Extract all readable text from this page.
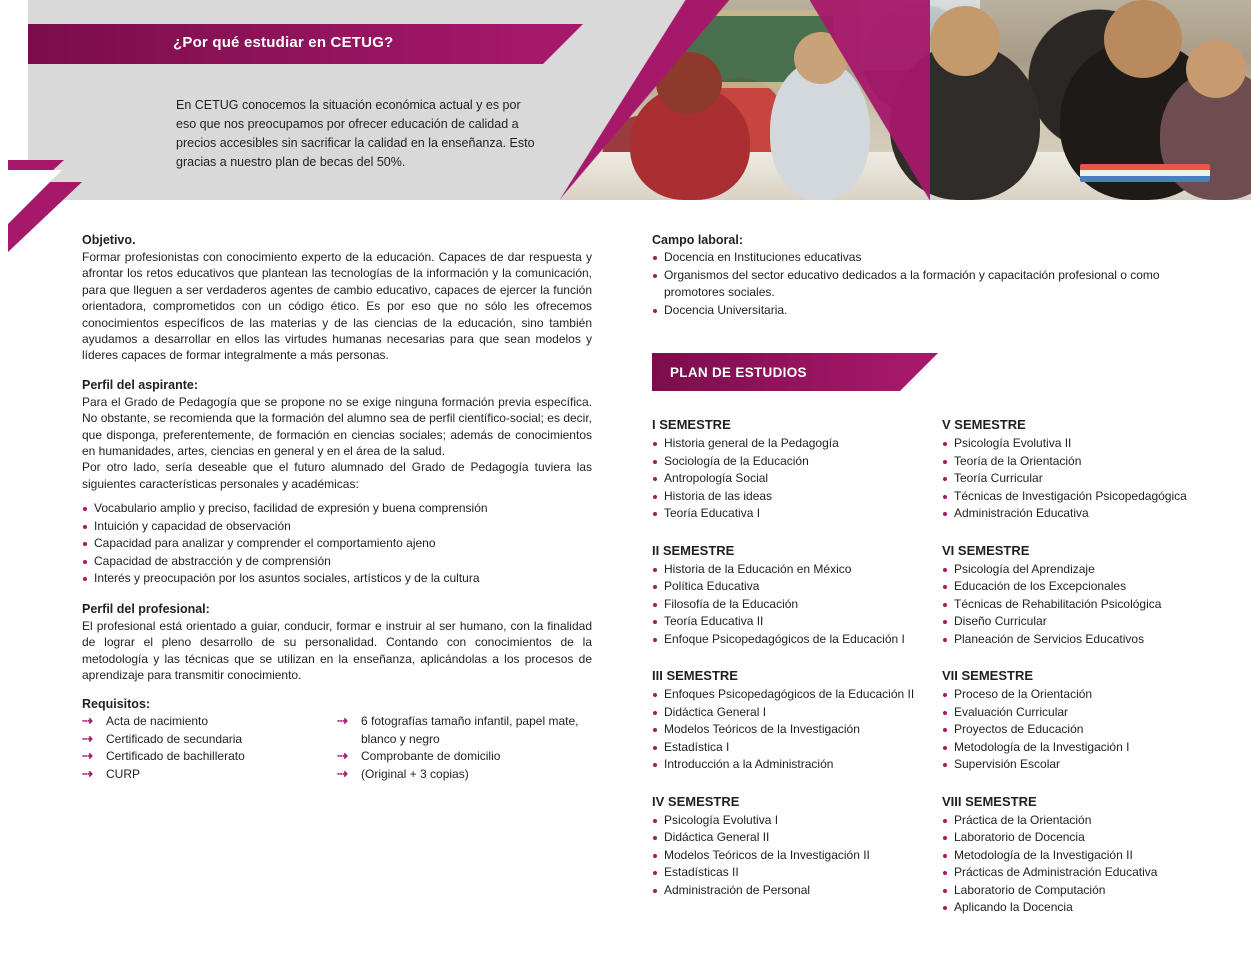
¿Por qué estudiar en CETUG?
En CETUG conocemos la situación económica actual y es por eso que nos preocupamos por ofrecer educación de calidad a precios accesibles sin sacrificar la calidad en la enseñanza. Esto gracias a nuestro plan de becas del 50%.
Objetivo.

Formar profesionistas con conocimiento experto de la educación. Capaces de dar respuesta y afrontar los retos educativos que plantean las tecnologías de la información y la comunicación, para que lleguen a ser verdaderos agentes de cambio educativo, capaces de ejercer la función orientadora, comprometidos con un código ético. Es por eso que no sólo les ofrecemos conocimientos específicos de las materias y de las ciencias de la educación, sino también ayudamos a desarrollar en ellos las virtudes humanas necesarias para que sean modelos y líderes capaces de formar integralmente a más personas.

Perfil del aspirante:

Para el Grado de Pedagogía que se propone no se exige ninguna formación previa específica. No obstante, se recomienda que la formación del alumno sea de perfil científico-social; es decir, que disponga, preferentemente, de formación en ciencias sociales; además de conocimientos en humanidades, artes, ciencias en general y en el área de la salud.

Por otro lado, sería deseable que el futuro alumnado del Grado de Pedagogía tuviera las siguientes características personales y académicas:

Vocabulario amplio y preciso, facilidad de expresión y buena comprensión
Intuición y capacidad de observación
Capacidad para analizar y comprender el comportamiento ajeno
Capacidad de abstracción y de comprensión
Interés y preocupación por los asuntos sociales, artísticos y de la cultura
Perfil del profesional:

El profesional está orientado a guiar, conducir, formar e instruir al ser humano, con la finalidad de lograr el pleno desarrollo de su personalidad. Contando con conocimientos de la metodología y las técnicas que se utilizan en la enseñanza, aplicándolas a los procesos de aprendizaje para transmitir conocimiento.

Requisitos:
⇢ Acta de nacimiento
⇢ Certificado de secundaria
⇢ Certificado de bachillerato
⇢ CURP
⇢ 6 fotografías tamaño infantil, papel mate, blanco y negro
⇢ Comprobante de domicilio
⇢ (Original + 3 copias)
Campo laboral:
Docencia en Instituciones educativas
Organismos del sector educativo dedicados a la formación y capacitación profesional o como promotores sociales.
Docencia Universitaria.
PLAN DE ESTUDIOS
I SEMESTRE
Historia general de la Pedagogía
Sociología de la Educación
Antropología Social
Historia de las ideas
Teoría Educativa I
II SEMESTRE
Historia de la Educación en México
Política Educativa
Filosofía de la Educación
Teoría Educativa II
Enfoque Psicopedagógicos de la Educación I
III SEMESTRE
Enfoques Psicopedagógicos de la Educación II
Didáctica General I
Modelos Teóricos de la Investigación
Estadística I
Introducción a la Administración
IV SEMESTRE
Psicología Evolutiva I
Didáctica General II
Modelos Teóricos de la Investigación II
Estadísticas II
Administración de Personal
V SEMESTRE
Psicología Evolutiva II
Teoría de la Orientación
Teoría Curricular
Técnicas de Investigación Psicopedagógica
Administración Educativa
VI SEMESTRE
Psicología del Aprendizaje
Educación de los Excepcionales
Técnicas de Rehabilitación Psicológica
Diseño Curricular
Planeación de Servicios Educativos
VII SEMESTRE
Proceso de la Orientación
Evaluación Curricular
Proyectos de Educación
Metodología de la Investigación I
Supervisión Escolar
VIII SEMESTRE
Práctica de la Orientación
Laboratorio de Docencia
Metodología de la Investigación II
Prácticas de Administración Educativa
Laboratorio de Computación
Aplicando la Docencia
